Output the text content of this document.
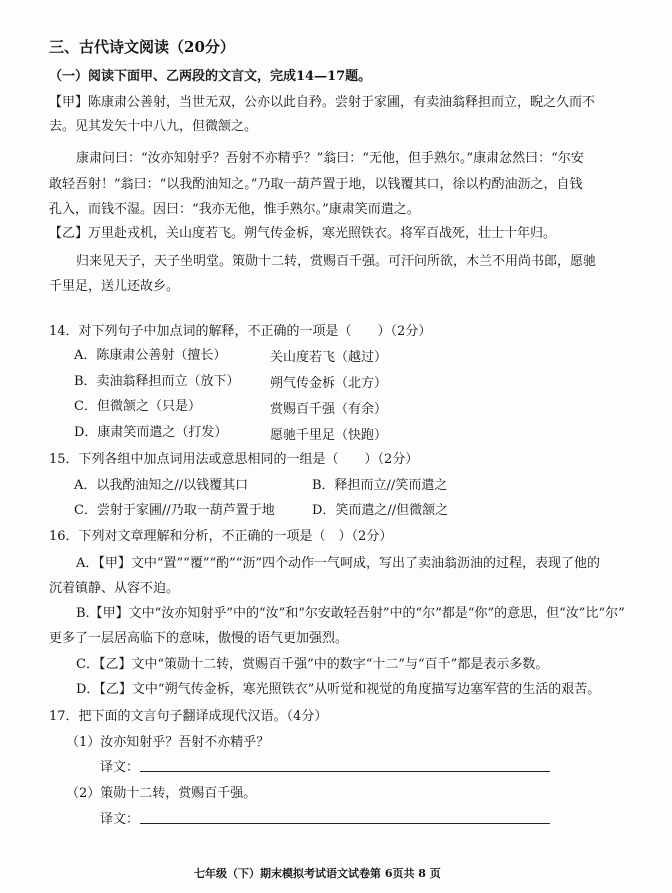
三、古代诗文阅读（20分）
（一）阅读下面甲、乙两段的文言文，完成14—17题。
【甲】陈康肃公善射，当世无双，公亦以此自矜。尝射于家圃，有卖油翁释担而立，睨之久而不
去。见其发矢十中八九，但微颔之。
康肃问曰：“汝亦知射乎？吾射不亦精乎？”翁曰：“无他，但手熟尔。”康肃忿然曰：“尔安
敢轻吾射！”翁曰：“以我酌油知之。”乃取一葫芦置于地，以钱覆其口，徐以杓酌油沥之，自钱
孔入，而钱不湿。因曰：“我亦无他，惟手熟尔。”康肃笑而遣之。
【乙】万里赴戎机，关山度若飞。朔气传金柝，寒光照铁衣。将军百战死，壮士十年归。
归来见天子，天子坐明堂。策勋十二转，赏赐百千强。可汗问所欲，木兰不用尚书郎，愿驰
千里足，送儿还故乡。
14．对下列句子中加点词的解释，不正确的一项是（　　）（2分）
A．陈康肃公善射（擅长）	关山度若飞（越过）
B．卖油翁释担而立（放下） 朔气传金柝（北方）
C．但微颔之（只是）	赏赐百千强（有余）
D．康肃笑而遣之（打发）	愿驰千里足（快跑）
15．下列各组中加点词用法或意思相同的一组是（　　）（2分）
A．以我酌油知之//以钱覆其口	B．释担而立//笑而遣之
C．尝射于家圃//乃取一葫芦置于地	D．笑而遣之//但微颔之
16．下列对文章理解和分析，不正确的一项是（　）（2分）
A．【甲】文中“置”“覆”“酌”“沥”四个动作一气呵成，写出了卖油翁沥油的过程，表现了他的
沉着镇静、从容不迫。
B.【甲】文中“汝亦知射乎”中的“汝”和“尔安敢轻吾射”中的“尔”都是“你”的意思，但“汝”比“尔”
更多了一层居高临下的意味，傲慢的语气更加强烈。
C．【乙】文中“策勋十二转，赏赐百千强”中的数字“十二”与“百千”都是表示多数。
D．【乙】文中“朔气传金柝，寒光照铁衣”从听觉和视觉的角度描写边塞军营的生活的艰苦。
17．把下面的文言句子翻译成现代汉语。（4分）
（1）汝亦知射乎？吾射不亦精乎？
译文：
（2）策勋十二转，赏赐百千强。
译文：
七年级（下）期末模拟考试语文试卷第 6页共 8 页
